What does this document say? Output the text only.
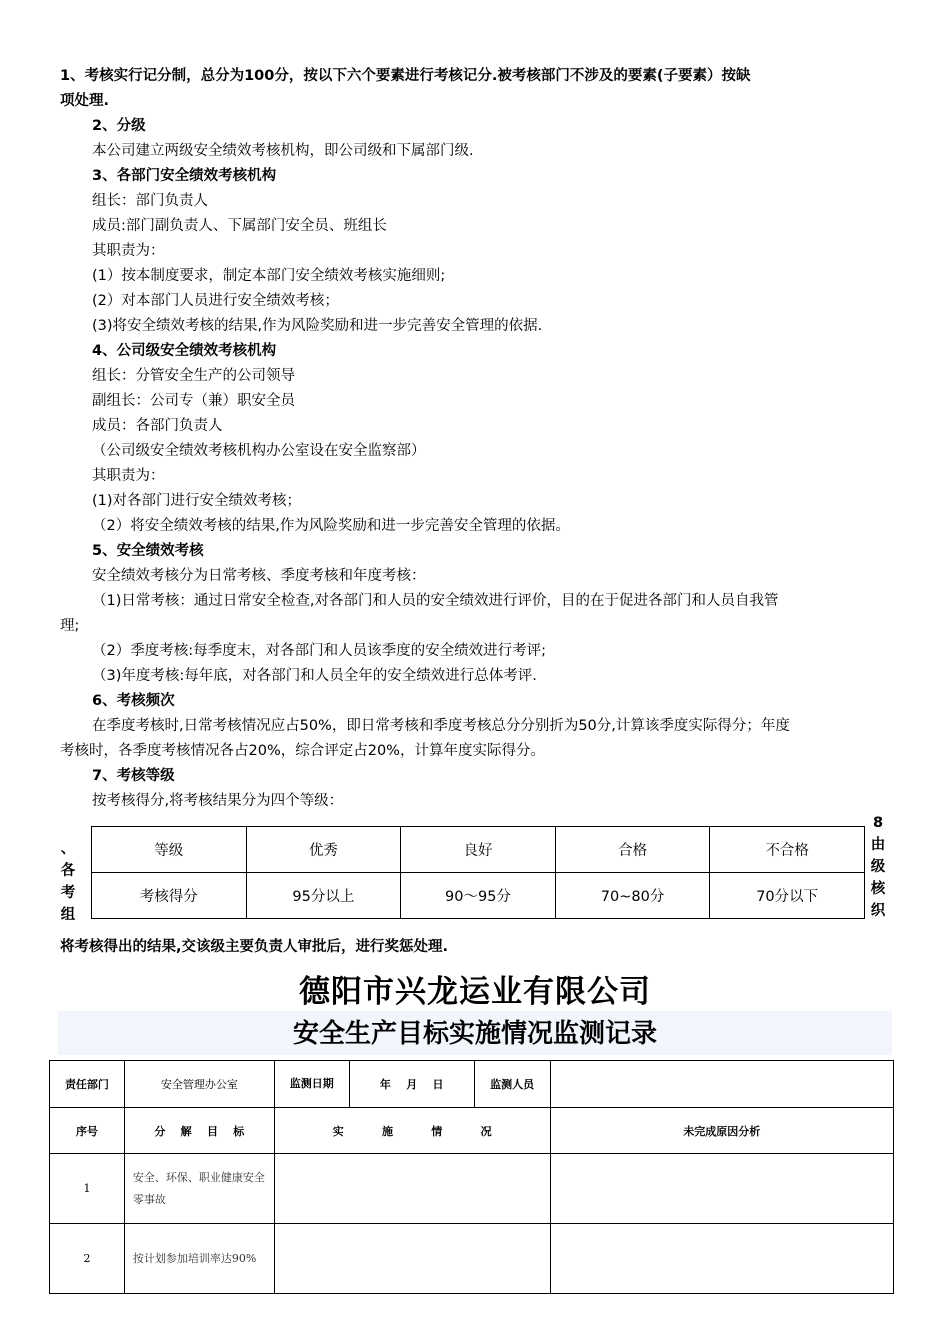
1、考核实行记分制，总分为100分，按以下六个要素进行考核记分.被考核部门不涉及的要素(子要素）按缺
项处理.
2、分级
本公司建立两级安全绩效考核机构，即公司级和下属部门级.
3、各部门安全绩效考核机构
组长：部门负责人
成员:部门副负责人、下属部门安全员、班组长
其职责为：
(1）按本制度要求，制定本部门安全绩效考核实施细则;
(2）对本部门人员进行安全绩效考核；
(3)将安全绩效考核的结果,作为风险奖励和进一步完善安全管理的依据.
4、公司级安全绩效考核机构
组长：分管安全生产的公司领导
副组长：公司专（兼）职安全员
成员：各部门负责人
（公司级安全绩效考核机构办公室设在安全监察部）
其职责为：
(1)对各部门进行安全绩效考核；
（2）将安全绩效考核的结果,作为风险奖励和进一步完善安全管理的依据。
5、安全绩效考核
安全绩效考核分为日常考核、季度考核和年度考核：
（1)日常考核：通过日常安全检查,对各部门和人员的安全绩效进行评价，目的在于促进各部门和人员自我管
理;
（2）季度考核:每季度末，对各部门和人员该季度的安全绩效进行考评;
（3)年度考核:每年底，对各部门和人员全年的安全绩效进行总体考评.
6、考核频次
在季度考核时,日常考核情况应占50%，即日常考核和季度考核总分分别折为50分,计算该季度实际得分；年度
考核时，各季度考核情况各占20%，综合评定占20%，计算年度实际得分。
7、考核等级
按考核得分,将考核结果分为四个等级：
、
各
考
组
8
由
级
核
织
等级	优秀	良好	合格	不合格
考核得分	95分以上	90～95分	70~80分	70分以下
将考核得出的结果,交该级主要负责人审批后，进行奖惩处理.
德阳市兴龙运业有限公司
安全生产目标实施情况监测记录
责任部门	安全管理办公室	监测日期 年    月    日	监测人员	
序号	分    解    目    标	实          施          情          况		未完成原因分析
1	安全、环保、职业健康安全零事故			
2	按计划参加培训率达90%			
